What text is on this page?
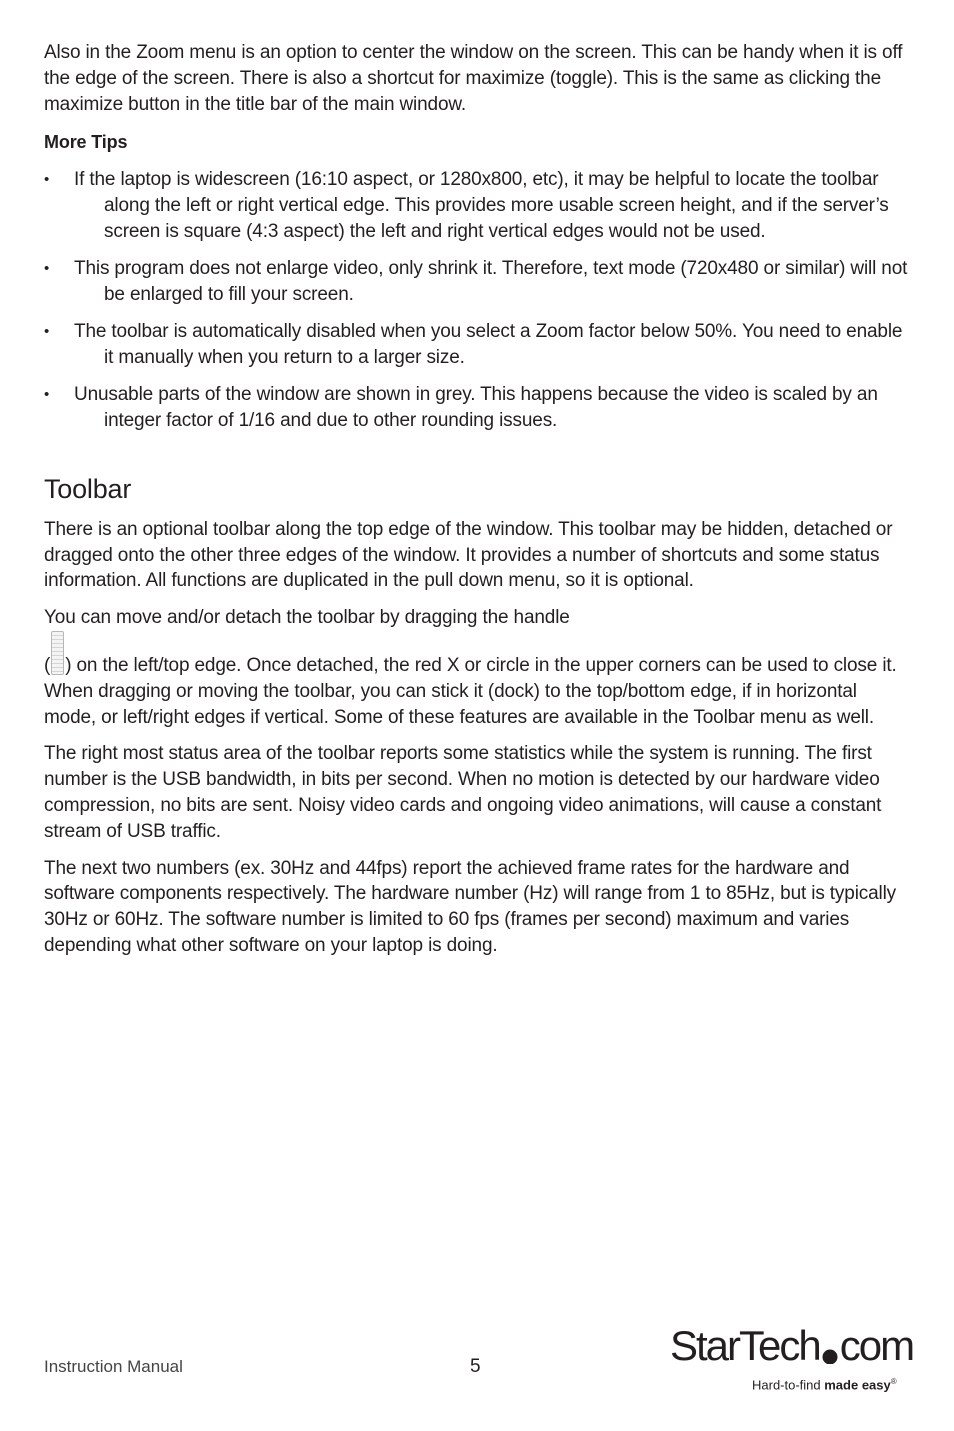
Also in the Zoom menu is an option to center the window on the screen. This can be handy when it is off the edge of the screen. There is also a shortcut for maximize (toggle). This is the same as clicking the maximize button in the title bar of the main window.

More Tips

• If the laptop is widescreen (16:10 aspect, or 1280x800, etc), it may be helpful to locate the toolbar along the left or right vertical edge. This provides more usable screen height, and if the server’s screen is square (4:3 aspect) the left and right vertical edges would not be used.
• This program does not enlarge video, only shrink it. Therefore, text mode (720x480 or similar) will not be enlarged to fill your screen.
• The toolbar is automatically disabled when you select a Zoom factor below 50%. You need to enable it manually when you return to a larger size.
• Unusable parts of the window are shown in grey. This happens because the video is scaled by an integer factor of 1/16 and due to other rounding issues.
Toolbar

There is an optional toolbar along the top edge of the window. This toolbar may be hidden, detached or dragged onto the other three edges of the window. It provides a number of shortcuts and some status information. All functions are duplicated in the pull down menu, so it is optional.

You can move and/or detach the toolbar by dragging the handle

( ) on the left/top edge. Once detached, the red X or circle in the upper corners can be used to close it. When dragging or moving the toolbar, you can stick it (dock) to the top/bottom edge, if in horizontal mode, or left/right edges if vertical. Some of these features are available in the Toolbar menu as well.

The right most status area of the toolbar reports some statistics while the system is running. The first number is the USB bandwidth, in bits per second. When no motion is detected by our hardware video compression, no bits are sent. Noisy video cards and ongoing video animations, will cause a constant stream of USB traffic.

The next two numbers (ex. 30Hz and 44fps) report the achieved frame rates for the hardware and software components respectively. The hardware number (Hz) will range from 1 to 85Hz, but is typically 30Hz or 60Hz. The software number is limited to 60 fps (frames per second) maximum and varies depending what other software on your laptop is doing.

Instruction Manual	5	StarTech com
Hard-to-find made easy®
